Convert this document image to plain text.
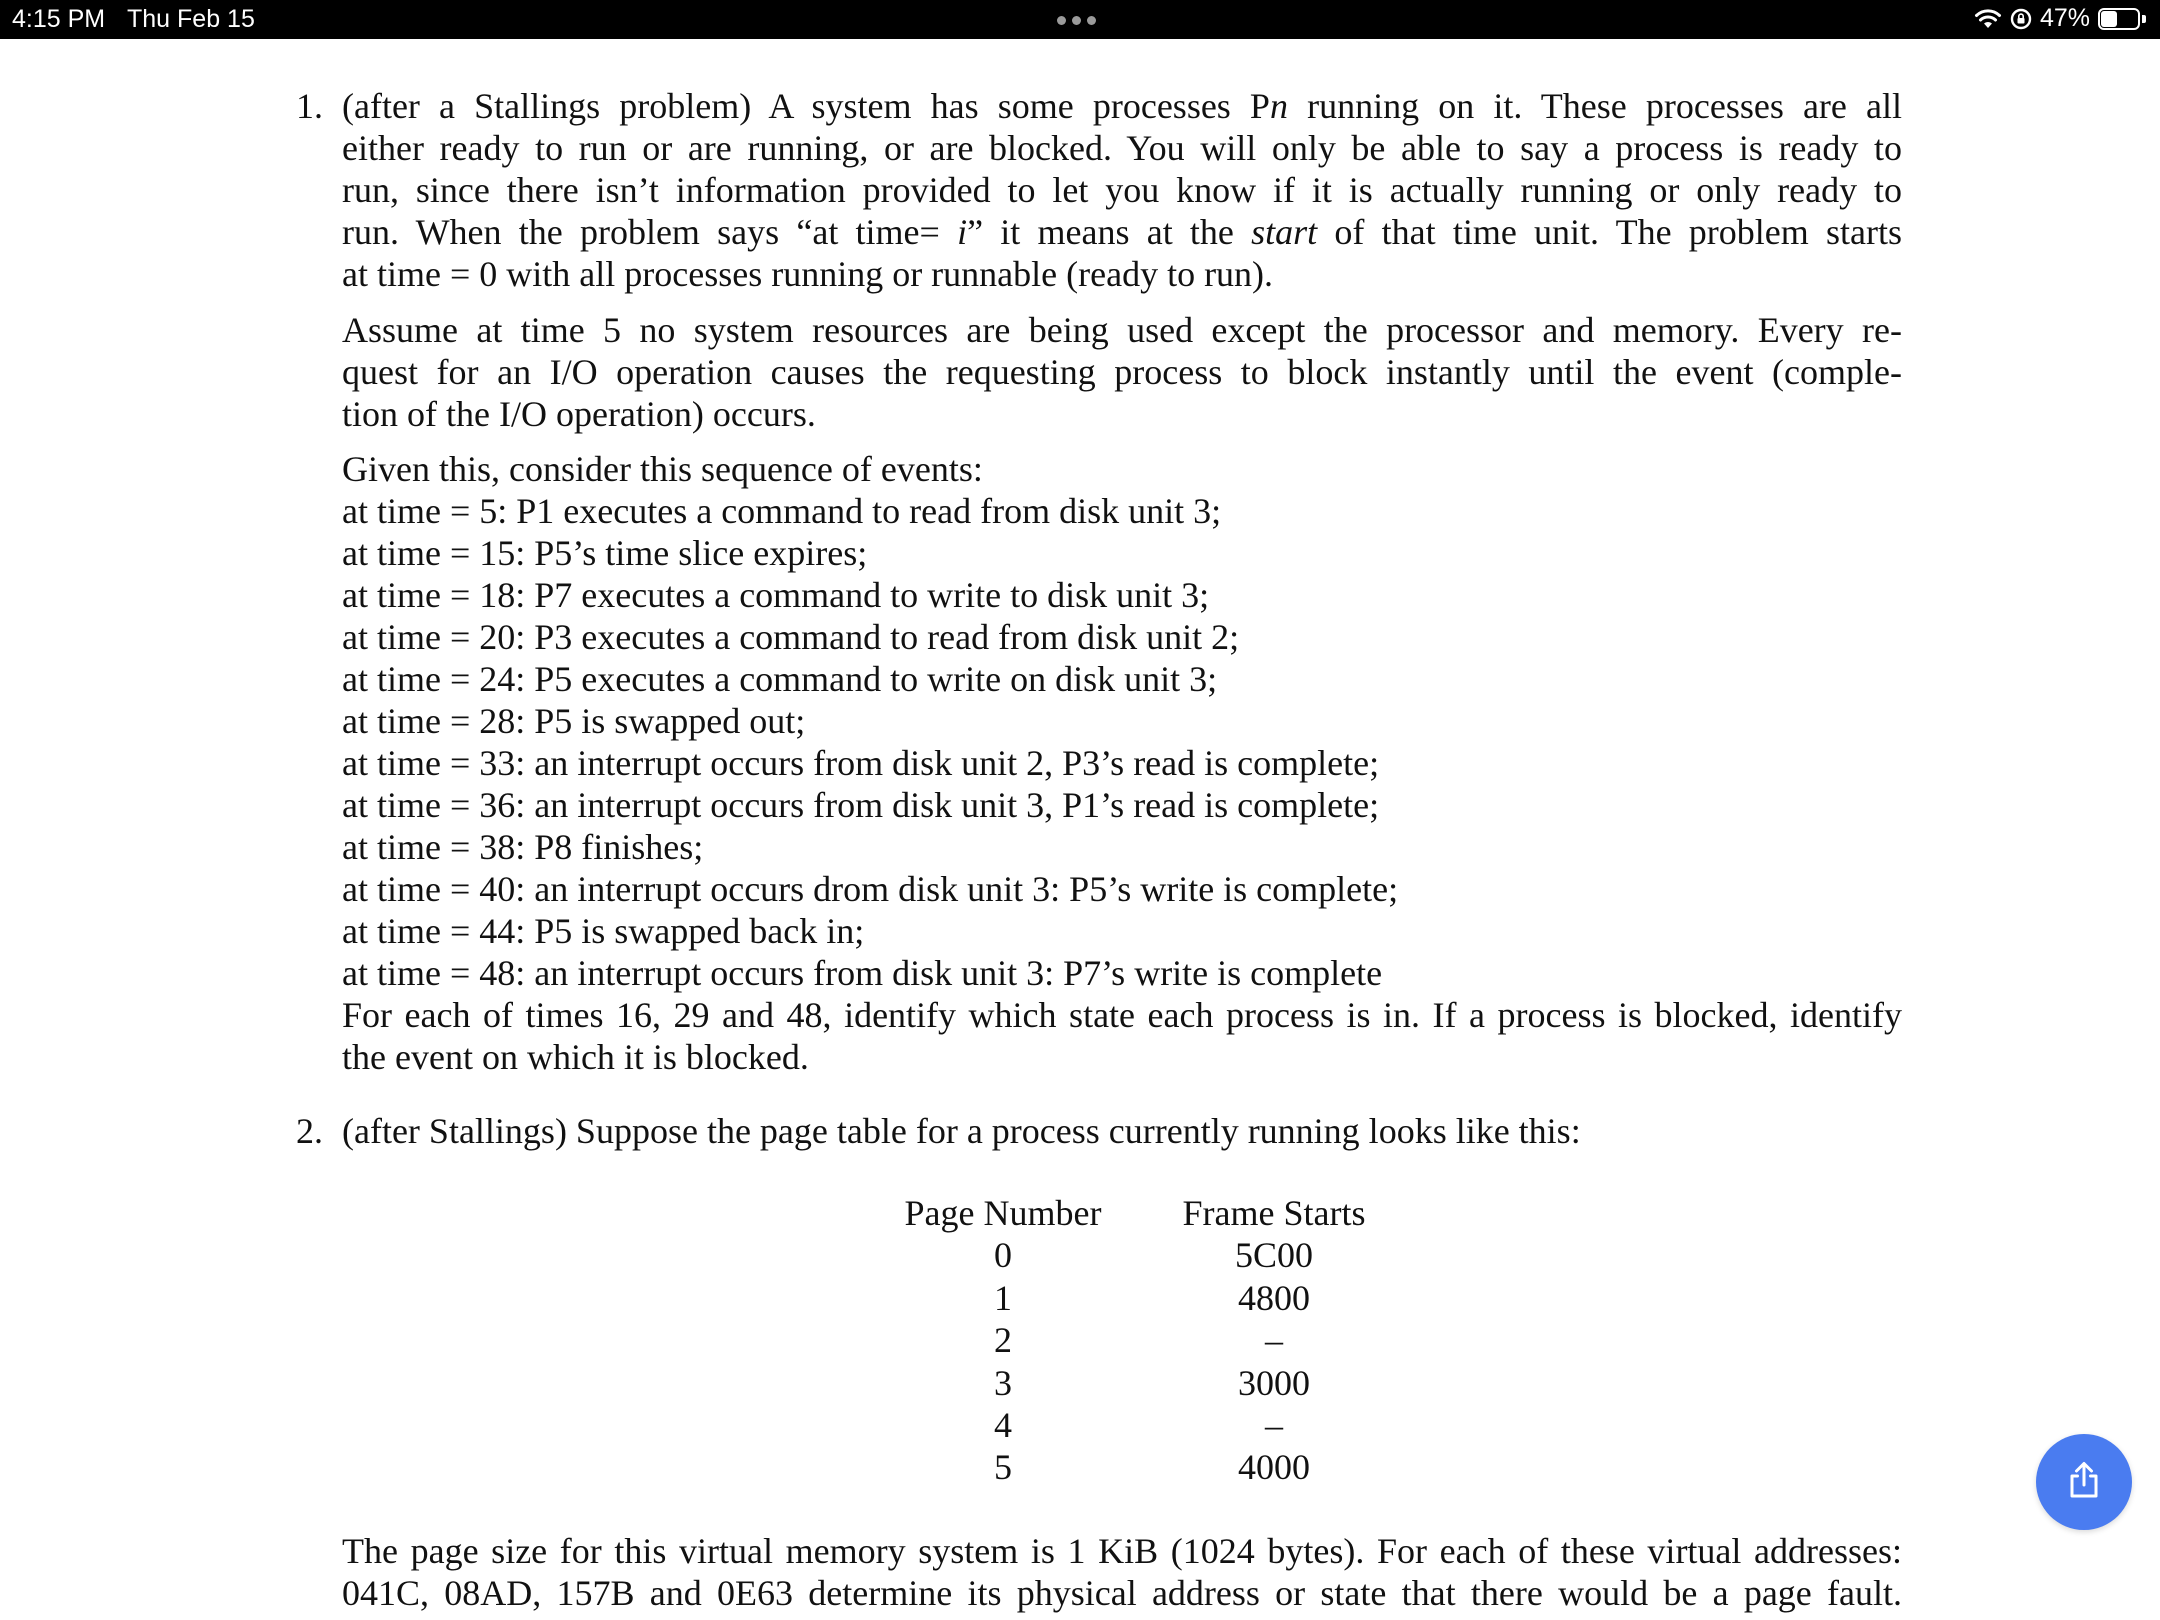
4:15 PM Thu Feb 15	47%
1. (after a Stallings problem) A system has some processes Pn running on it. These processes are all
either ready to run or are running, or are blocked. You will only be able to say a process is ready to
run, since there isn’t information provided to let you know if it is actually running or only ready to
run. When the problem says “at time= i” it means at the start of that time unit. The problem starts
at time = 0 with all processes running or runnable (ready to run).

Assume at time 5 no system resources are being used except the processor and memory. Every re-
quest for an I/O operation causes the requesting process to block instantly until the event (comple-
tion of the I/O operation) occurs.

Given this, consider this sequence of events:
at time = 5: P1 executes a command to read from disk unit 3;
at time = 15: P5’s time slice expires;
at time = 18: P7 executes a command to write to disk unit 3;
at time = 20: P3 executes a command to read from disk unit 2;
at time = 24: P5 executes a command to write on disk unit 3;
at time = 28: P5 is swapped out;
at time = 33: an interrupt occurs from disk unit 2, P3’s read is complete;
at time = 36: an interrupt occurs from disk unit 3, P1’s read is complete;
at time = 38: P8 finishes;
at time = 40: an interrupt occurs drom disk unit 3: P5’s write is complete;
at time = 44: P5 is swapped back in;
at time = 48: an interrupt occurs from disk unit 3: P7’s write is complete
For each of times 16, 29 and 48, identify which state each process is in. If a process is blocked, identify
the event on which it is blocked.
2. (after Stallings) Suppose the page table for a process currently running looks like this:
Page Number	Frame Starts
0	5C00
1	4800
2	–
3	3000
4	–
5	4000
The page size for this virtual memory system is 1 KiB (1024 bytes). For each of these virtual addresses:
041C, 08AD, 157B and 0E63 determine its physical address or state that there would be a page fault.
